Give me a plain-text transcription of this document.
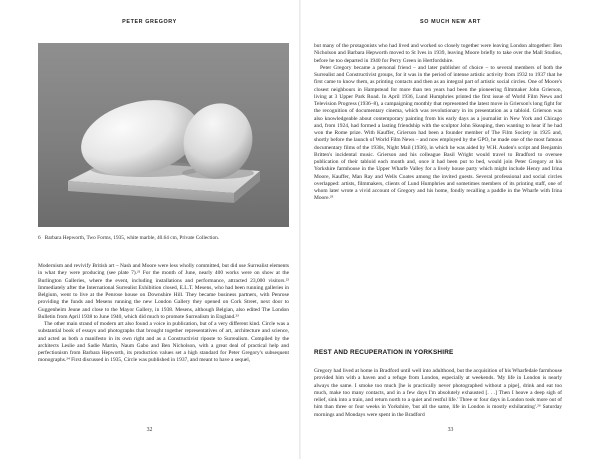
PETER GREGORY
6 Barbara Hepworth, Two Forms, 1935, white marble, 40.64 cm, Private Collection.

Modernism and revivify British art – Nash and Moore were less wholly committed, but did use Surrealist elements in what they were producing (see plate 7).²¹ For the month of June, nearly 400 works were on show at the Burlington Galleries, where the event, including installations and performance, attracted 23,000 visitors.²² Immediately after the International Surrealist Exhibition closed, E.L.T. Mesens, who had been running galleries in Belgium, went to live at the Penrose house on Downshire Hill. They became business partners, with Penrose providing the funds and Mesens running the new London Gallery they opened on Cork Street, next door to Guggenheim Jeune and close to the Mayor Gallery, in 1938. Mesens, although Belgian, also edited The London Bulletin from April 1938 to June 1940, which did much to promote Surrealism in England.²³

The other main strand of modern art also found a voice in publication, but of a very different kind. Circle was a substantial book of essays and photographs that brought together representatives of art, architecture and science, and acted as both a manifesto in its own right and as a Constructivist riposte to Surrealism. Compiled by the architects Leslie and Sadie Martin, Naum Gabo and Ben Nicholson, with a great deal of practical help and perfectionism from Barbara Hepworth, its production values set a high standard for Peter Gregory's subsequent monographs.²⁴ First discussed in 1935, Circle was published in 1937, and meant to have a sequel,

32
SO MUCH NEW ART

but many of the protagonists who had lived and worked so closely together were leaving London altogether: Ben Nicholson and Barbara Hepworth moved to St Ives in 1939, leaving Moore briefly to take over the Mall Studios, before he too departed in 1940 for Perry Green in Hertfordshire.

Peter Gregory became a personal friend – and later publisher of choice – to several members of both the Surrealist and Constructivist groups, for it was in the period of intense artistic activity from 1932 to 1937 that he first came to know them, as printing contacts and then as an integral part of artistic social circles. One of Moore's closest neighbours in Hampstead for more than ten years had been the pioneering filmmaker John Grierson, living at 3 Upper Park Road. In April 1936, Lund Humphries printed the first issue of World Film News and Television Progress (1936–8), a campaigning monthly that represented the latest move in Grierson's long fight for the recognition of documentary cinema, which was revolutionary in its presentation as a tabloid. Grierson was also knowledgeable about contemporary painting from his early days as a journalist in New York and Chicago and, from 1924, had formed a lasting friendship with the sculptor John Skeaping, then wanting to hear if he had won the Rome prize. With Kauffer, Grierson had been a founder member of The Film Society in 1925 and, shortly before the launch of World Film News – and now employed by the GPO, he made one of the most famous documentary films of the 1930s, Night Mail (1936), in which he was aided by W.H. Auden's script and Benjamin Britten's incidental music. Grierson and his colleague Basil Wright would travel to Bradford to oversee publication of their tabloid each month and, once it had been put to bed, would join Peter Gregory at his Yorkshire farmhouse in the Upper Wharfe Valley for a lively house party which might include Henry and Irina Moore, Kauffer, Man Ray and Wells Coates among the invited guests. Several professional and social circles overlapped: artists, filmmakers, clients of Lund Humphries and sometimes members of its printing staff, one of whom later wrote a vivid account of Gregory and his home, fondly recalling a paddle in the Wharfe with Irina Moore.²⁵

REST AND RECUPERATION IN YORKSHIRE

Gregory had lived at home in Bradford until well into adulthood, but the acquisition of his Wharfedale farmhouse provided him with a haven and a refuge from London, especially at weekends. 'My life in London is nearly always the same. I smoke too much [he is practically never photographed without a pipe], drink and eat too much, make too many contacts, and in a few days I'm absolutely exhausted [. . .] Then I heave a deep sigh of relief, sink into a train, and return north to a quiet and restful life.' Three or four days in London took more out of him than three or four weeks in Yorkshire, 'but all the same, life in London is mostly exhilarating'.²⁶ Saturday mornings and Mondays were spent in the Bradford

33
